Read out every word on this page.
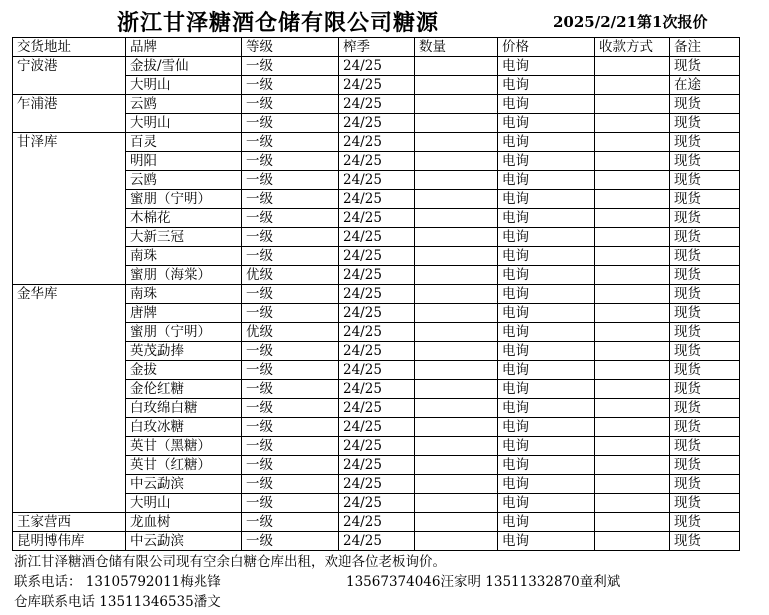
浙江甘泽糖酒仓储有限公司糖源	2025/2/21第1次报价
交货地址	品牌	等级	榨季	数量	价格	收款方式	备注
宁波港	金拔/雪仙	一级	24/25		电询		现货
	大明山	一级	24/25		电询		在途
乍浦港	云鸥	一级	24/25		电询		现货
	大明山	一级	24/25		电询		现货
甘泽库	百灵	一级	24/25		电询		现货
	明阳	一级	24/25		电询		现货
	云鸥	一级	24/25		电询		现货
	蜜朋（宁明）	一级	24/25		电询		现货
	木棉花	一级	24/25		电询		现货
	大新三冠	一级	24/25		电询		现货
	南珠	一级	24/25		电询		现货
	蜜朋（海棠）	优级	24/25		电询		现货
金华库	南珠	一级	24/25		电询		现货
	唐牌	一级	24/25		电询		现货
	蜜朋（宁明）	优级	24/25		电询		现货
	英茂勐捧	一级	24/25		电询		现货
	金拔	一级	24/25		电询		现货
	金伦红糖	一级	24/25		电询		现货
	白玫绵白糖	一级	24/25		电询		现货
	白玫冰糖	一级	24/25		电询		现货
	英甘（黑糖）	一级	24/25		电询		现货
	英甘（红糖）	一级	24/25		电询		现货
	中云勐滨	一级	24/25		电询		现货
	大明山	一级	24/25		电询		现货
王家营西	龙血树	一级	24/25		电询		现货
昆明博伟库	中云勐滨	一级	24/25		电询		现货
浙江甘泽糖酒仓储有限公司现有空余白糖仓库出租，欢迎各位老板询价。
联系电话： 13105792011梅兆锋	13567374046汪家明 13511332870童利斌
仓库联系电话 13511346535潘文
